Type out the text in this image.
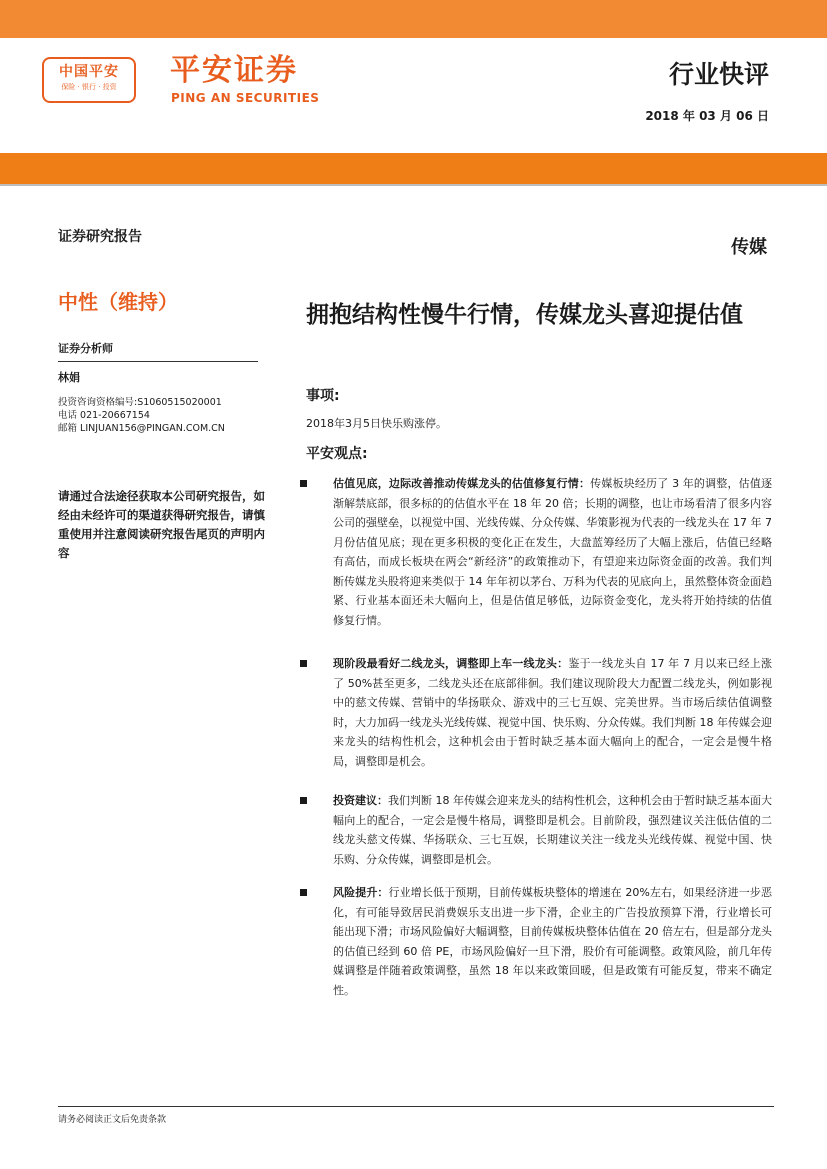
中国平安
保险 · 银行 · 投资	平安证券
PING AN SECURITIES
行业快评
2018 年 03 月 06 日
证券研究报告
中性（维持）
证券分析师
林娟
投资咨询资格编号:S1060515020001
电话 021-20667154
邮箱 LINJUAN156@PINGAN.COM.CN
请通过合法途径获取本公司研究报告，如经由未经许可的渠道获得研究报告，请慎重使用并注意阅读研究报告尾页的声明内容
传媒
拥抱结构性慢牛行情，传媒龙头喜迎提估值
事项:
2018年3月5日快乐购涨停。
平安观点:
估值见底，边际改善推动传媒龙头的估值修复行情：传媒板块经历了 3 年的调整，估值逐渐解禁底部，很多标的的估值水平在 18 年 20 倍；长期的调整，也让市场看清了很多内容公司的强壁垒，以视觉中国、光线传媒、分众传媒、华策影视为代表的一线龙头在 17 年 7 月份估值见底；现在更多积极的变化正在发生，大盘蓝筹经历了大幅上涨后，估值已经略有高估，而成长板块在两会“新经济”的政策推动下，有望迎来边际资金面的改善。我们判断传媒龙头股将迎来类似于 14 年年初以茅台、万科为代表的见底向上，虽然整体资金面趋紧、行业基本面还未大幅向上，但是估值足够低，边际资金变化，龙头将开始持续的估值修复行情。
现阶段最看好二线龙头，调整即上车一线龙头：鉴于一线龙头自 17 年 7 月以来已经上涨了 50%甚至更多，二线龙头还在底部徘徊。我们建议现阶段大力配置二线龙头，例如影视中的慈文传媒、营销中的华扬联众、游戏中的三七互娱、完美世界。当市场后续估值调整时，大力加码一线龙头光线传媒、视觉中国、快乐购、分众传媒。我们判断 18 年传媒会迎来龙头的结构性机会，这种机会由于暂时缺乏基本面大幅向上的配合，一定会是慢牛格局，调整即是机会。
投资建议：我们判断 18 年传媒会迎来龙头的结构性机会，这种机会由于暂时缺乏基本面大幅向上的配合，一定会是慢牛格局，调整即是机会。目前阶段，强烈建议关注低估值的二线龙头慈文传媒、华扬联众、三七互娱，长期建议关注一线龙头光线传媒、视觉中国、快乐购、分众传媒，调整即是机会。
风险提升：行业增长低于预期，目前传媒板块整体的增速在 20%左右，如果经济进一步恶化，有可能导致居民消费娱乐支出进一步下滑，企业主的广告投放预算下滑，行业增长可能出现下滑；市场风险偏好大幅调整，目前传媒板块整体估值在 20 倍左右，但是部分龙头的估值已经到 60 倍 PE，市场风险偏好一旦下滑，股价有可能调整。政策风险，前几年传媒调整是伴随着政策调整，虽然 18 年以来政策回暖，但是政策有可能反复，带来不确定性。
请务必阅读正文后免责条款
